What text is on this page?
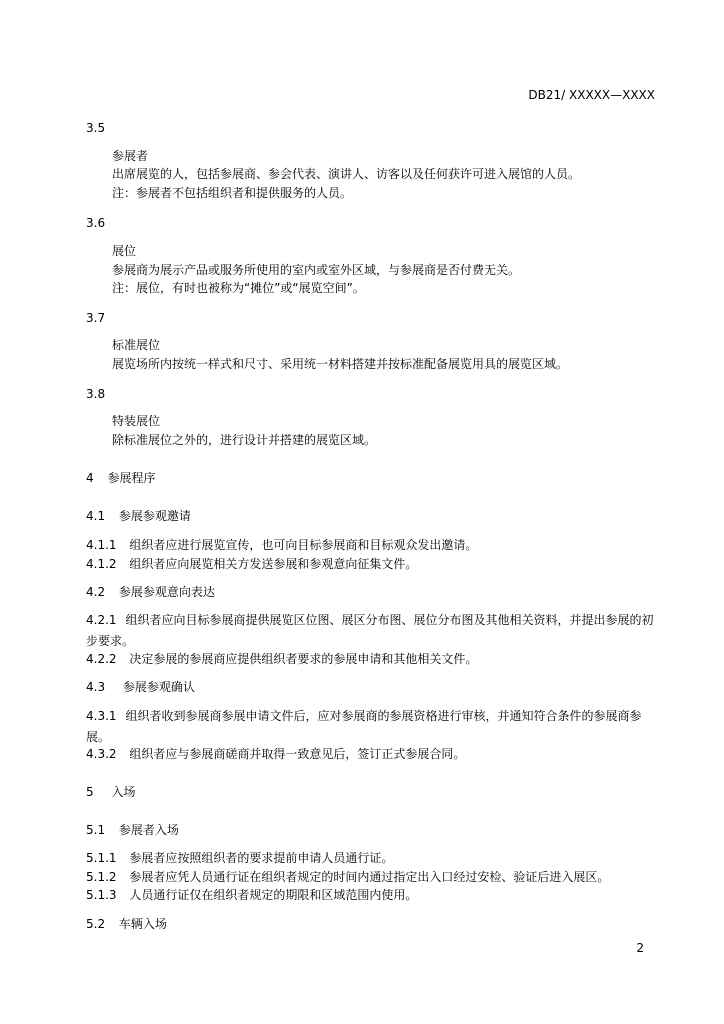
DB21/ XXXXX—XXXX
3.5
参展者
出席展览的人，包括参展商、参会代表、演讲人、访客以及任何获许可进入展馆的人员。
注：参展者不包括组织者和提供服务的人员。
3.6
展位
参展商为展示产品或服务所使用的室内或室外区域，与参展商是否付费无关。
注：展位，有时也被称为“摊位”或“展览空间”。
3.7
标准展位
展览场所内按统一样式和尺寸、采用统一材料搭建并按标准配备展览用具的展览区域。
3.8
特装展位
除标准展位之外的，进行设计并搭建的展览区域。
4 参展程序
4.1 参展参观邀请
4.1.1 组织者应进行展览宣传，也可向目标参展商和目标观众发出邀请。
4.1.2 组织者应向展览相关方发送参展和参观意向征集文件。
4.2 参展参观意向表达
4.2.1 组织者应向目标参展商提供展览区位图、展区分布图、展位分布图及其他相关资料，并提出参展的初步要求。
4.2.2 决定参展的参展商应提供组织者要求的参展申请和其他相关文件。
4.3 参展参观确认
4.3.1 组织者收到参展商参展申请文件后，应对参展商的参展资格进行审核，并通知符合条件的参展商参展。
4.3.2 组织者应与参展商磋商并取得一致意见后，签订正式参展合同。
5 入场
5.1 参展者入场
5.1.1 参展者应按照组织者的要求提前申请人员通行证。
5.1.2 参展者应凭人员通行证在组织者规定的时间内通过指定出入口经过安检、验证后进入展区。
5.1.3 人员通行证仅在组织者规定的期限和区域范围内使用。
5.2 车辆入场
2
